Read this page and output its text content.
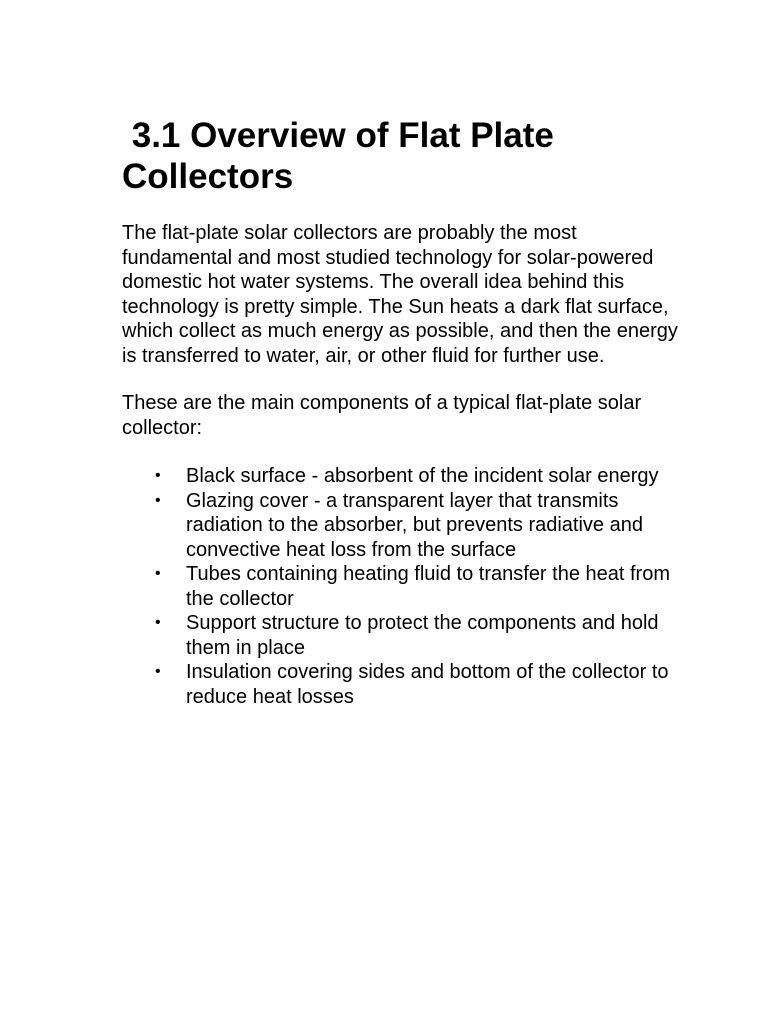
3.1 Overview of Flat Plate Collectors

The flat-plate solar collectors are probably the most fundamental and most studied technology for solar-powered domestic hot water systems. The overall idea behind this technology is pretty simple. The Sun heats a dark flat surface, which collect as much energy as possible, and then the energy is transferred to water, air, or other fluid for further use.

These are the main components of a typical flat-plate solar collector:

• Black surface - absorbent of the incident solar energy
• Glazing cover - a transparent layer that transmits radiation to the absorber, but prevents radiative and convective heat loss from the surface
• Tubes containing heating fluid to transfer the heat from the collector
• Support structure to protect the components and hold them in place
• Insulation covering sides and bottom of the collector to reduce heat losses
